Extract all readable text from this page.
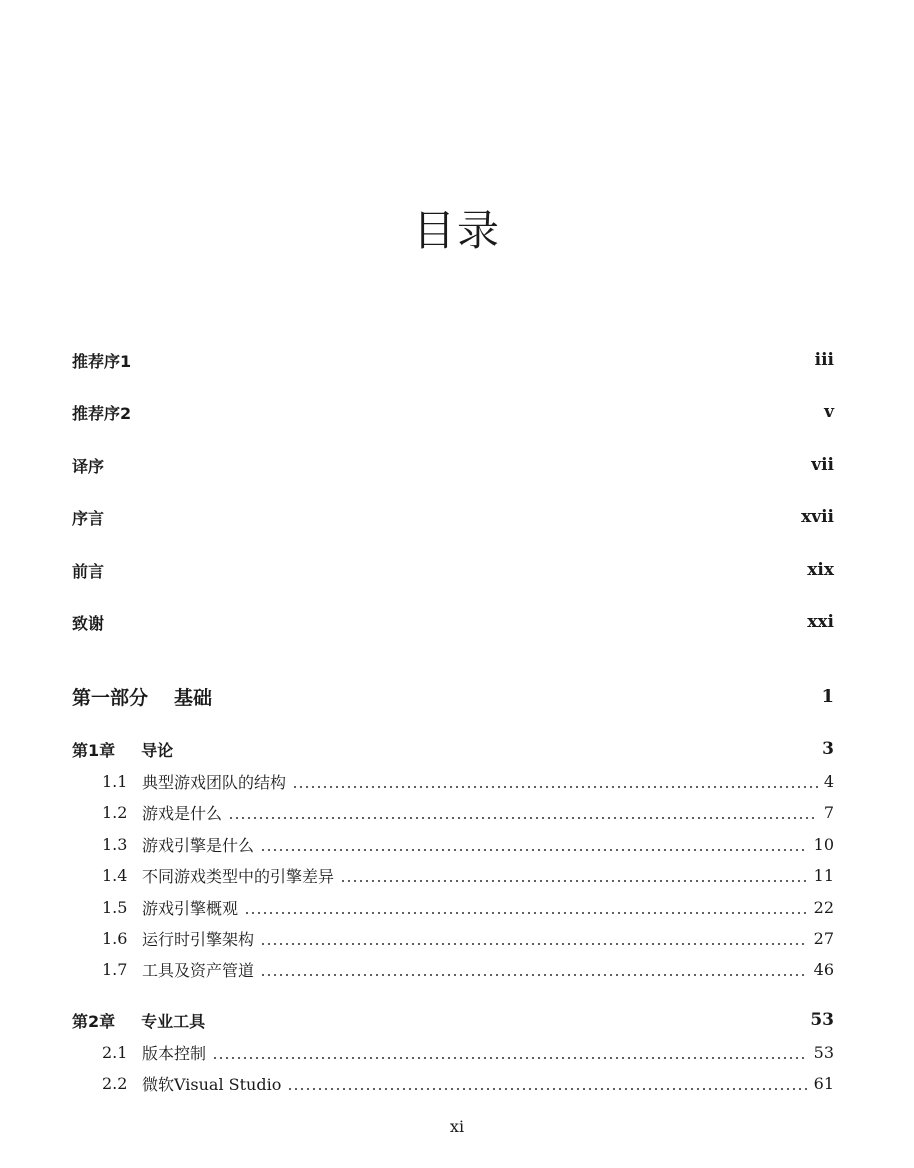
目录
推荐序1	iii
推荐序2	v
译序	vii
序言	xvii
前言	xix
致谢	xxi
第一部分 基础	1
第1章 导论	3
1.1 典型游戏团队的结构	4
1.2 游戏是什么	7
1.3 游戏引擎是什么	10
1.4 不同游戏类型中的引擎差异	11
1.5 游戏引擎概观	22
1.6 运行时引擎架构	27
1.7 工具及资产管道	46
第2章 专业工具	53
2.1 版本控制	53
2.2 微软Visual Studio	61
xi
